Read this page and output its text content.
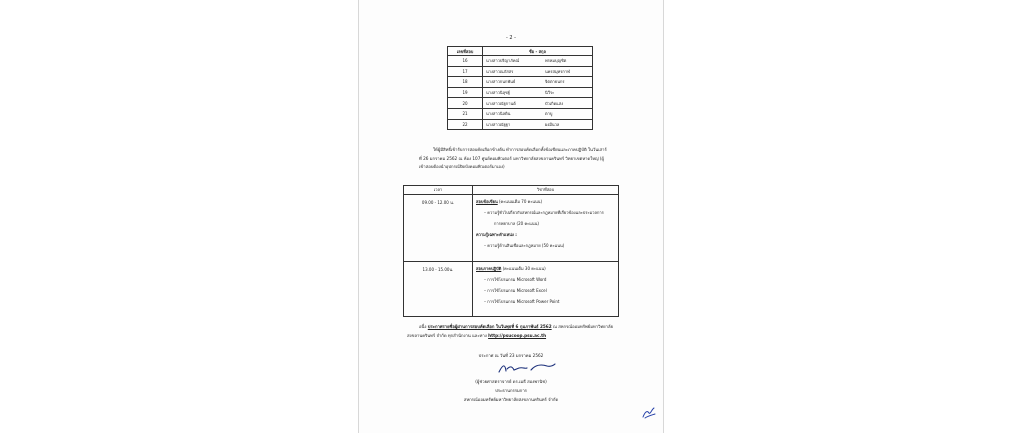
- 2 -
เลขที่สอบ	ชื่อ - สกุล	
16	นางสาวปริญาภัคณ์	พรหมบุญชิต
17	นางสาวณภัสสร	นครสมุทรกาฬ
18	นางสาวกนกพันธ์	จิตตาธนกร
19	นางสาวนิลุชฐ์	นิวีระ
20	นางสาวณัฐกานต์	บัวเกิดแสง
21	นางสาวนิลดิน	ตาบู
22	นางสาวณัฐฐา	ผงมีนวล
ให้ผู้มีสิทธิ์เข้ารับการสอบคัดเลือกข้างต้น ทำการสอบคัดเลือกทั้งข้อเขียนและภาคปฏิบัติ ในวันเสาร์ที่ 26 มกราคม 2562 ณ ห้อง 107 ศูนย์คอมพิวเตอร์ มหาวิทยาลัยสงขลานครินทร์ วิทยาเขตหาดใหญ่ (ผู้เข้าสอบต้องนำอุปกรณ์ปิดบังคอมพิวเตอร์มาเอง)
เวลา	วิชาที่สอบ
09.00 - 12.00 น.	สอบข้อเขียน (คะแนนเต็ม 70 คะแนน)
– ความรู้ทั่วไปเกี่ยวกับสหกรณ์และกฎหมายที่เกี่ยวข้องและประมวลการ
การพยาบาล (20 คะแนน)
ความรู้เฉพาะตำแหน่ง :
– ความรู้ด้านสินเชื่อและกฎหมาย (50 คะแนน)

13.00 - 15.00น.	สอบภาคปฏิบัติ (คะแนนเต็ม 30 คะแนน)
– การใช้โปรแกรม Microsoft Word
– การใช้โปรแกรม Microsoft Excel
– การใช้โปรแกรม Microsoft Power Point
อนึ่ง ประกาศรายชื่อผู้ผ่านการสอบคัดเลือก ในวันพุธที่ 6 กุมภาพันธ์ 2562 ณ สหกรณ์ออมทรัพย์มหาวิทยาลัยสงขลานครินทร์ จำกัด ทุกสำนักงาน และทาง http://psucoop.psu.ac.th
ประกาศ ณ วันที่ 23 มกราคม 2562
(ผู้ช่วยศาสตราจารย์ ดร.เมธี สองพานิช)
ประธานกรรมการ
สหกรณ์ออมทรัพย์มหาวิทยาลัยสงขลานครินทร์ จำกัด
